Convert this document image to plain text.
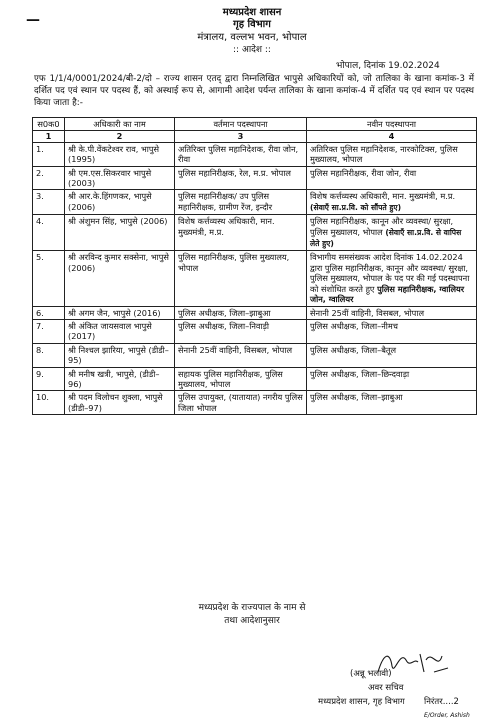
—	मध्यप्रदेश शासन
गृह विभाग
मंत्रालय, वल्लभ भवन, भोपाल
:: आदेश ::
भोपाल, दिनांक 19.02.2024
एफ 1/1/4/0001/2024/बी-2/दो – राज्य शासन एतद् द्वारा निम्नलिखित भापुसे अधिकारियों को, जो तालिका के खाना कमांक-3 में दर्शित पद एवं स्थान पर पदस्थ हैं, को अस्थाई रूप से, आगामी आदेश पर्यन्त तालिका के खाना कमांक-4 में दर्शित पद एवं स्थान पर पदस्थ किया जाता है:-
स0क0	अधिकारी का नाम	वर्तमान पदस्थापना	नवीन पदस्थापना
1	2	3	4
1.	श्री के.पी.वेंकटेश्वर राव, भापुसे (1995)	अतिरिक्त पुलिस महानिदेशक, रीवा जोन, रीवा	अतिरिक्त पुलिस महानिदेशक, नारकोटिक्स, पुलिस मुख्यालय, भोपाल
2.	श्री एम.एस.सिकरवार भापुसे (2003)	पुलिस महानिरीक्षक, रेल, म.प्र. भोपाल	पुलिस महानिरीक्षक, रीवा जोन, रीवा
3.	श्री आर.के.हिंगणकर, भापुसे (2006)	पुलिस महानिरीक्षक/ उप पुलिस महानिरीक्षक, ग्रामीण रेंज, इन्दौर	विशेष कर्त्तव्यस्थ अधिकारी, मान. मुख्यमंत्री, म.प्र.
(सेवाएँ सा.प्र.वि. को सौंपते हुए)
4.	श्री अंशुमन सिंह, भापुसे (2006)	विशेष कर्त्तव्यस्थ अधिकारी, मान. मुख्यमंत्री, म.प्र.	पुलिस महानिरीक्षक, कानून और व्यवस्था/ सुरक्षा, पुलिस मुख्यालय, भोपाल (सेवाएँ सा.प्र.वि. से वापिस लेते हुए)
5.	श्री अरविन्द कुमार सक्सेना, भापुसे (2006)	पुलिस महानिरीक्षक, पुलिस मुख्यालय, भोपाल	विभागीय समसंख्यक आदेश दिनांक 14.02.2024 द्वारा पुलिस महानिरीक्षक, कानून और व्यवस्था/ सुरक्षा, पुलिस मुख्यालय, भोपाल के पद पर की गई पदस्थापना को संशोधित करते हुए पुलिस महानिरीक्षक, ग्वालियर जोन, ग्वालियर
6.	श्री अगम जैन, भापुसे (2016)	पुलिस अधीक्षक, जिला–झाबुआ	सेनानी 25वीं वाहिनी, विसबल, भोपाल
7.	श्री अंकित जायसवाल भापुसे (2017)	पुलिस अधीक्षक, जिला–निवाड़ी	पुलिस अधीक्षक, जिला–नीमच
8.	श्री निश्चल झारिया, भापुसे (डीडी–95)	सेनानी 25वीं वाहिनी, विसबल, भोपाल	पुलिस अधीक्षक, जिला–बैतूल
9.	श्री मनीष खत्री, भापुसे, (डीडी–96)	सहायक पुलिस महानिरीक्षक, पुलिस मुख्यालय, भोपाल	पुलिस अधीक्षक, जिला–छिन्दवाड़ा
10.	श्री पदम विलोचन शुक्ला, भापुसे (डीडी–97)	पुलिस उपायुक्त, (यातायात) नगरीय पुलिस जिला भोपाल	पुलिस अधीक्षक, जिला–झाबुआ
मध्यप्रदेश के राज्यपाल के नाम से
तथा आदेशानुसार
(अन्नू भलावी)
अवर सचिव
मध्यप्रदेश शासन, गृह विभाग निरंतर....2
E/Order, Ashish
